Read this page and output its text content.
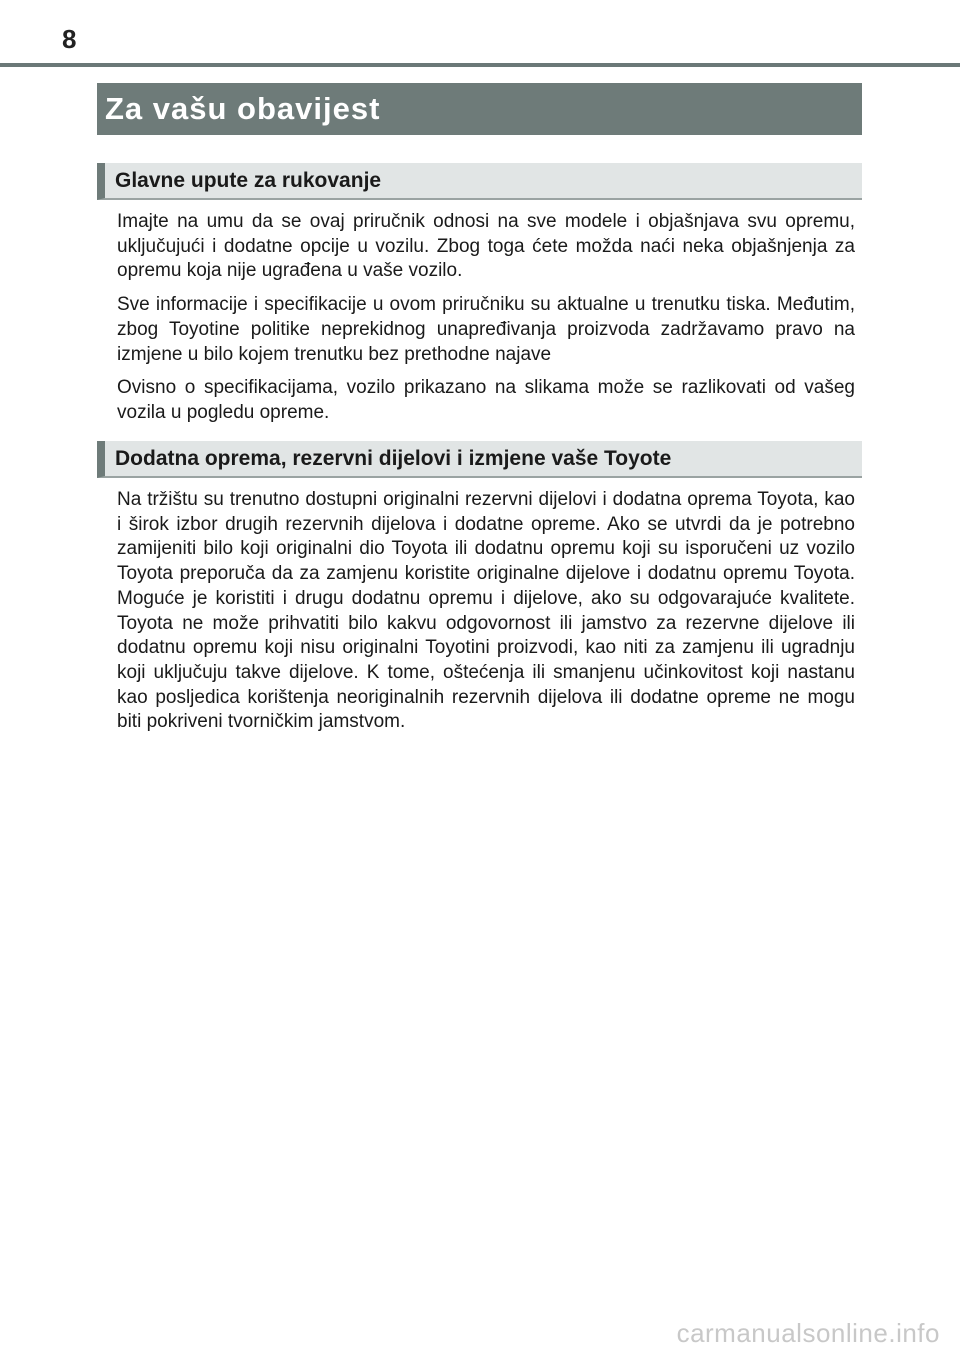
8
Za vašu obavijest
Glavne upute za rukovanje

Imajte na umu da se ovaj priručnik odnosi na sve modele i objašnjava svu opremu, uključujući i dodatne opcije u vozilu. Zbog toga ćete možda naći neka objašnjenja za opremu koja nije ugrađena u vaše vozilo.

Sve informacije i specifikacije u ovom priručniku su aktualne u trenutku tiska. Međutim, zbog Toyotine politike neprekidnog unapređivanja proizvoda zadržavamo pravo na izmjene u bilo kojem trenutku bez prethodne najave

Ovisno o specifikacijama, vozilo prikazano na slikama može se razlikovati od vašeg vozila u pogledu opreme.

Dodatna oprema, rezervni dijelovi i izmjene vaše Toyote

Na tržištu su trenutno dostupni originalni rezervni dijelovi i dodatna oprema Toyota, kao i širok izbor drugih rezervnih dijelova i dodatne opreme. Ako se utvrdi da je potrebno zamijeniti bilo koji originalni dio Toyota ili dodatnu opremu koji su isporučeni uz vozilo Toyota preporuča da za zamjenu koristite originalne dijelove i dodatnu opremu Toyota. Moguće je koristiti i drugu dodatnu opremu i dijelove, ako su odgovarajuće kvalitete. Toyota ne može prihvatiti bilo kakvu odgovornost ili jamstvo za rezervne dijelove ili dodatnu opremu koji nisu originalni Toyotini proizvodi, kao niti za zamjenu ili ugradnju koji uključuju takve dijelove. K tome, oštećenja ili smanjenu učinkovitost koji nastanu kao posljedica korištenja neoriginalnih rezervnih dijelova ili dodatne opreme ne mogu biti pokriveni tvorničkim jamstvom.

carmanualsonline.info
